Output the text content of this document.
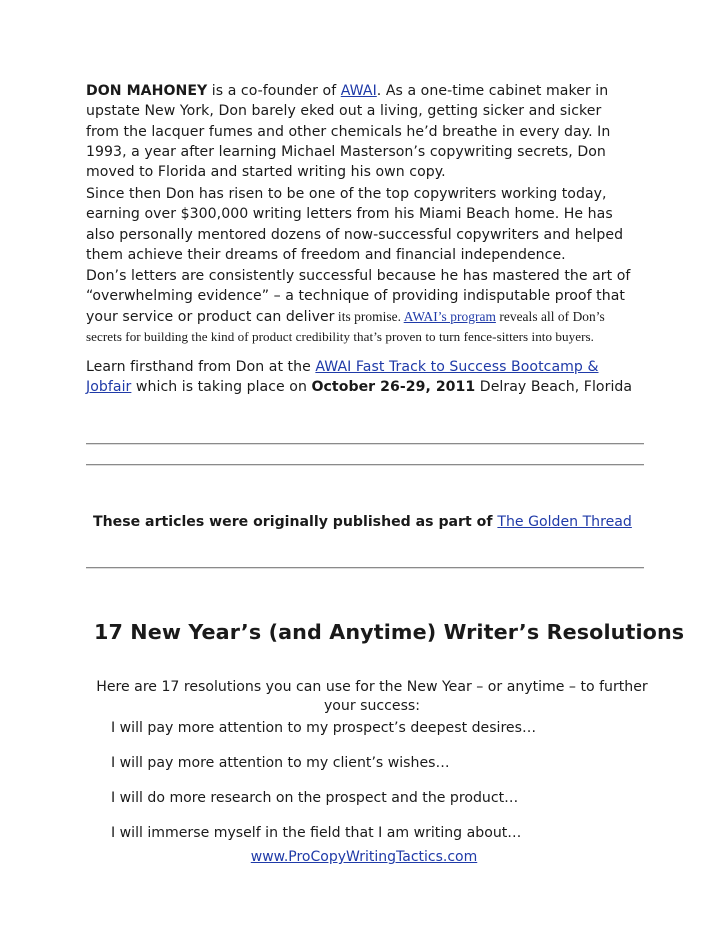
DON MAHONEY is a co-founder of AWAI. As a one-time cabinet maker in
upstate New York, Don barely eked out a living, getting sicker and sicker
from the lacquer fumes and other chemicals he’d breathe in every day. In
1993, a year after learning Michael Masterson’s copywriting secrets, Don
moved to Florida and started writing his own copy.

Since then Don has risen to be one of the top copywriters working today,
earning over $300,000 writing letters from his Miami Beach home. He has
also personally mentored dozens of now-successful copywriters and helped
them achieve their dreams of freedom and financial independence.

Don’s letters are consistently successful because he has mastered the art of
“overwhelming evidence” – a technique of providing indisputable proof that
your service or product can deliver its promise. AWAI’s program reveals all of Don’s
secrets for building the kind of product credibility that’s proven to turn fence-sitters into buyers.

Learn firsthand from Don at the AWAI Fast Track to Success Bootcamp &
Jobfair which is taking place on October 26-29, 2011 Delray Beach, Florida

These articles were originally published as part of The Golden Thread
17 New Year’s (and Anytime) Writer’s Resolutions

Here are 17 resolutions you can use for the New Year – or anytime – to further your success:

I will pay more attention to my prospect’s deepest desires…

I will pay more attention to my client’s wishes…

I will do more research on the prospect and the product…

I will immerse myself in the field that I am writing about…

www.ProCopyWritingTactics.com
